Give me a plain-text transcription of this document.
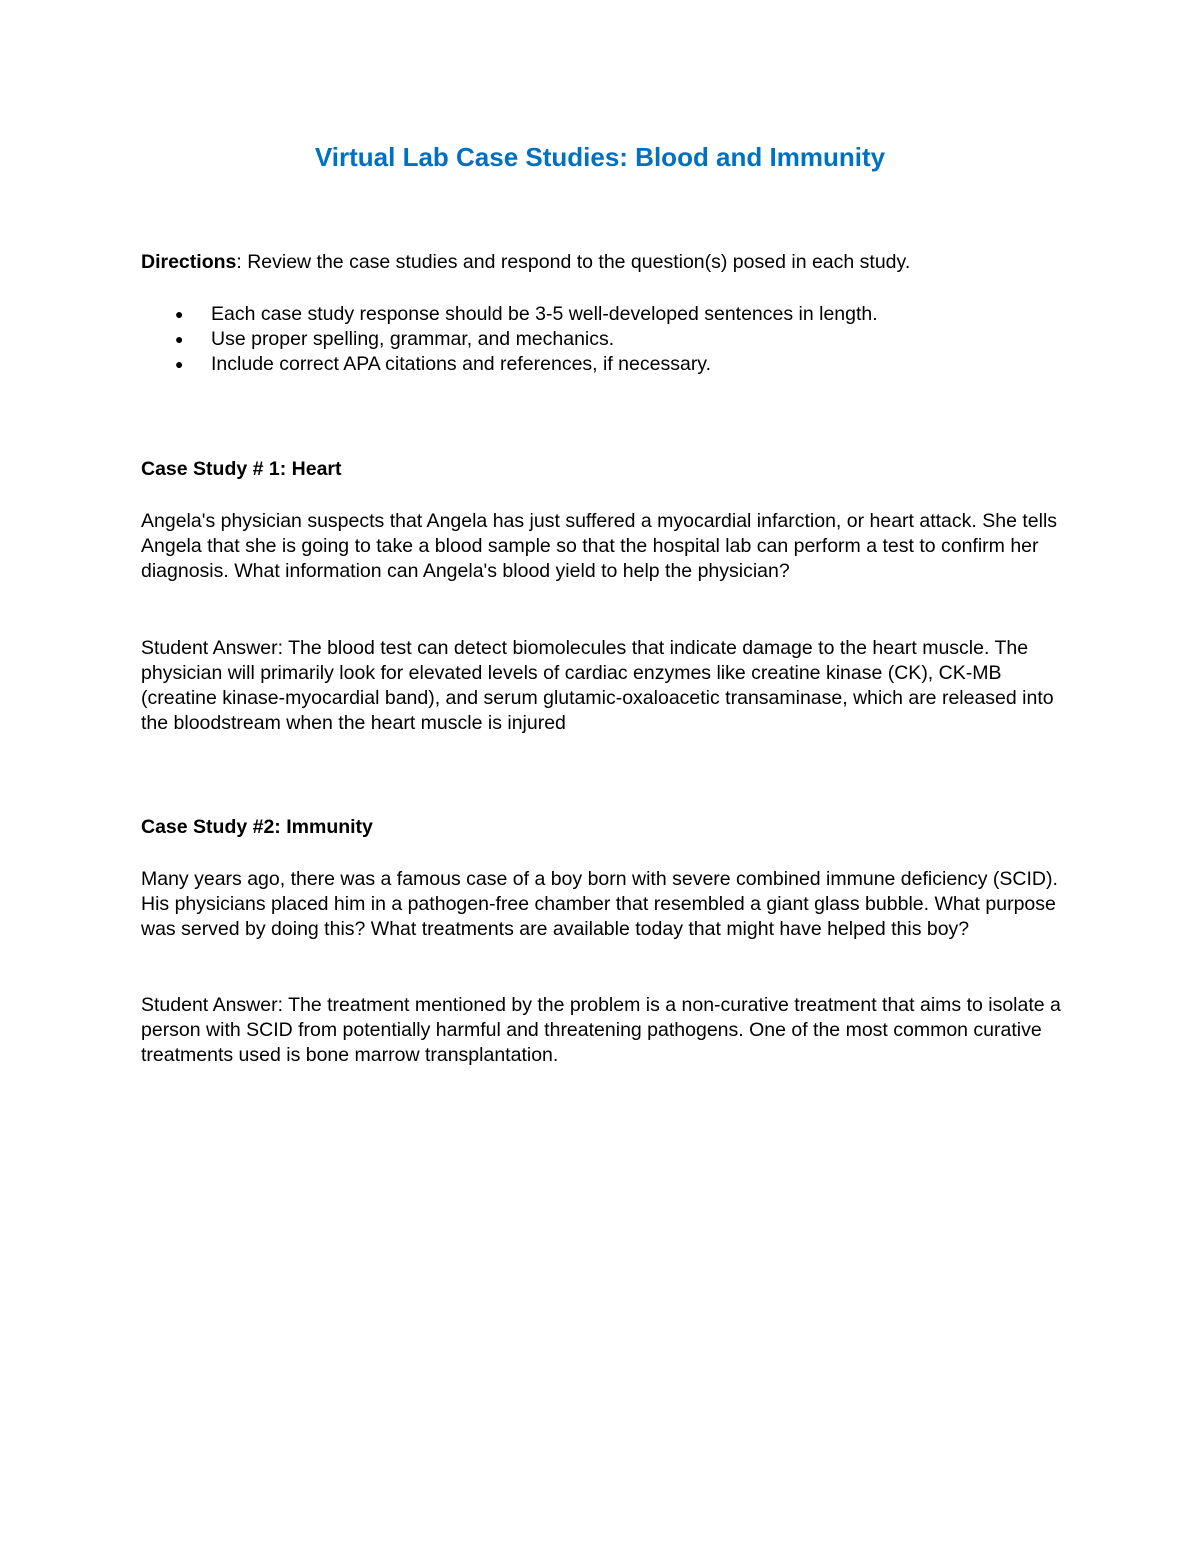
Virtual Lab Case Studies: Blood and Immunity

Directions: Review the case studies and respond to the question(s) posed in each study.

● Each case study response should be 3-5 well-developed sentences in length.
● Use proper spelling, grammar, and mechanics.
● Include correct APA citations and references, if necessary.

Case Study # 1: Heart

Angela's physician suspects that Angela has just suffered a myocardial infarction, or heart attack. She tells Angela that she is going to take a blood sample so that the hospital lab can perform a test to confirm her diagnosis. What information can Angela's blood yield to help the physician?

Student Answer: The blood test can detect biomolecules that indicate damage to the heart muscle. The physician will primarily look for elevated levels of cardiac enzymes like creatine kinase (CK), CK-MB (creatine kinase-myocardial band), and serum glutamic-oxaloacetic transaminase, which are released into the bloodstream when the heart muscle is injured

Case Study #2: Immunity

Many years ago, there was a famous case of a boy born with severe combined immune deficiency (SCID). His physicians placed him in a pathogen-free chamber that resembled a giant glass bubble. What purpose was served by doing this? What treatments are available today that might have helped this boy?

Student Answer: The treatment mentioned by the problem is a non-curative treatment that aims to isolate a person with SCID from potentially harmful and threatening pathogens. One of the most common curative treatments used is bone marrow transplantation.
